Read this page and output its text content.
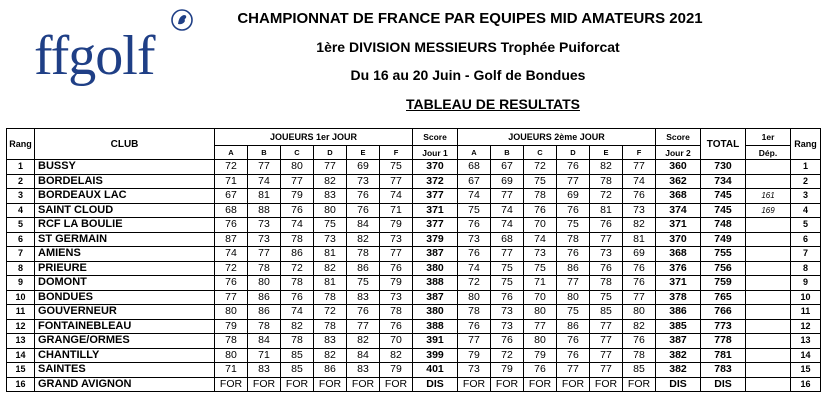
ffgolf
CHAMPIONNAT DE FRANCE PAR EQUIPES MID AMATEURS 2021
1ère DIVISION MESSIEURS Trophée Puiforcat
Du 16 au 20 Juin - Golf de Bondues
TABLEAU DE RESULTATS
Rang	CLUB	JOUEURS 1er JOUR						Score	JOUEURS 2ème JOUR						Score	TOTAL	1er	Rang
		A	B	C	D	E	F	Jour 1	A	B	C	D	E	F	Jour 2		Dép.	
1	BUSSY	72	77	80	77	69	75	370	68	67	72	76	82	77	360	730		1
2	BORDELAIS	71	74	77	82	73	77	372	67	69	75	77	78	74	362	734		2
3	BORDEAUX LAC	67	81	79	83	76	74	377	74	77	78	69	72	76	368	745	161	3
4	SAINT CLOUD	68	88	76	80	76	71	371	75	74	76	76	81	73	374	745	169	4
5	RCF LA BOULIE	76	73	74	75	84	79	377	76	74	70	75	76	82	371	748		5
6	ST GERMAIN	87	73	78	73	82	73	379	73	68	74	78	77	81	370	749		6
7	AMIENS	74	77	86	81	78	77	387	76	77	73	76	73	69	368	755		7
8	PRIEURE	72	78	72	82	86	76	380	74	75	75	86	76	76	376	756		8
9	DOMONT	76	80	78	81	75	79	388	72	75	71	77	78	76	371	759		9
10	BONDUES	77	86	76	78	83	73	387	80	76	70	80	75	77	378	765		10
11	GOUVERNEUR	80	86	74	72	76	78	380	78	73	80	75	85	80	386	766		11
12	FONTAINEBLEAU	79	78	82	78	77	76	388	76	73	77	86	77	82	385	773		12
13	GRANGE/ORMES	78	84	78	83	82	70	391	77	76	80	76	77	76	387	778		13
14	CHANTILLY	80	71	85	82	84	82	399	79	72	79	76	77	78	382	781		14
15	SAINTES	71	83	85	86	83	79	401	73	79	76	77	77	85	382	783		15
16	GRAND AVIGNON	FOR	FOR	FOR	FOR	FOR	FOR	DIS	FOR	FOR	FOR	FOR	FOR	FOR	DIS	DIS		16
